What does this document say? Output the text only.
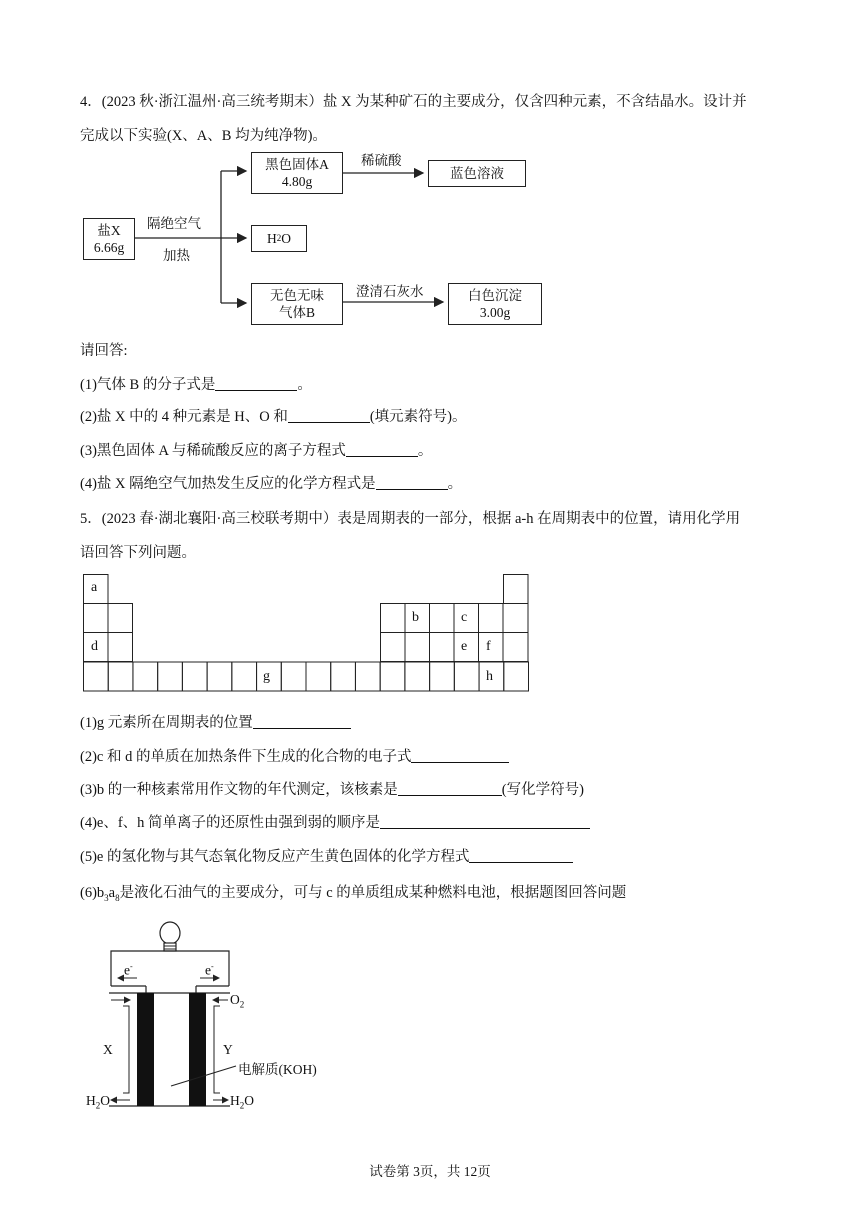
4．(2023 秋·浙江温州·高三统考期末）盐 X 为某种矿石的主要成分，仅含四种元素，不含结晶水。设计并
完成以下实验(X、A、B 均为纯净物)。
盐X
6.66g
隔绝空气
加热
黑色固体A
4.80g
稀硫酸
蓝色溶液
H 2 O
无色无味
气体B
澄清石灰水	白色沉淀
3.00g
请回答:
(1)气体 B 的分子式是	。
(2)盐 X 中的 4 种元素是 H、O 和	(填元素符号)。
(3)黑色固体 A 与稀硫酸反应的离子方程式	。
(4)盐 X 隔绝空气加热发生反应的化学方程式是	。
5．(2023 春·湖北襄阳·高三校联考期中）表是周期表的一部分，根据 a-h 在周期表中的位置，请用化学用
语回答下列问题。
a
b	c
d	e f
g	h
(1)g 元素所在周期表的位置
(2)c 和 d 的单质在加热条件下生成的化合物的电子式
(3)b 的一种核素常用作文物的年代测定，该核素是	(写化学符号)
(4)e、f、h 简单离子的还原性由强到弱的顺序是
(5)e 的氢化物与其气态氧化物反应产生黄色固体的化学方程式
$(6)b_3a_8$是液化石油气的主要成分，可与 c 的单质组成某种燃料电池，根据题图回答问题
e-	e-
$O_2$
X	Y
电解质(KOH)
$H_2O$	$H_2O$
试卷第 3页，共 12页
